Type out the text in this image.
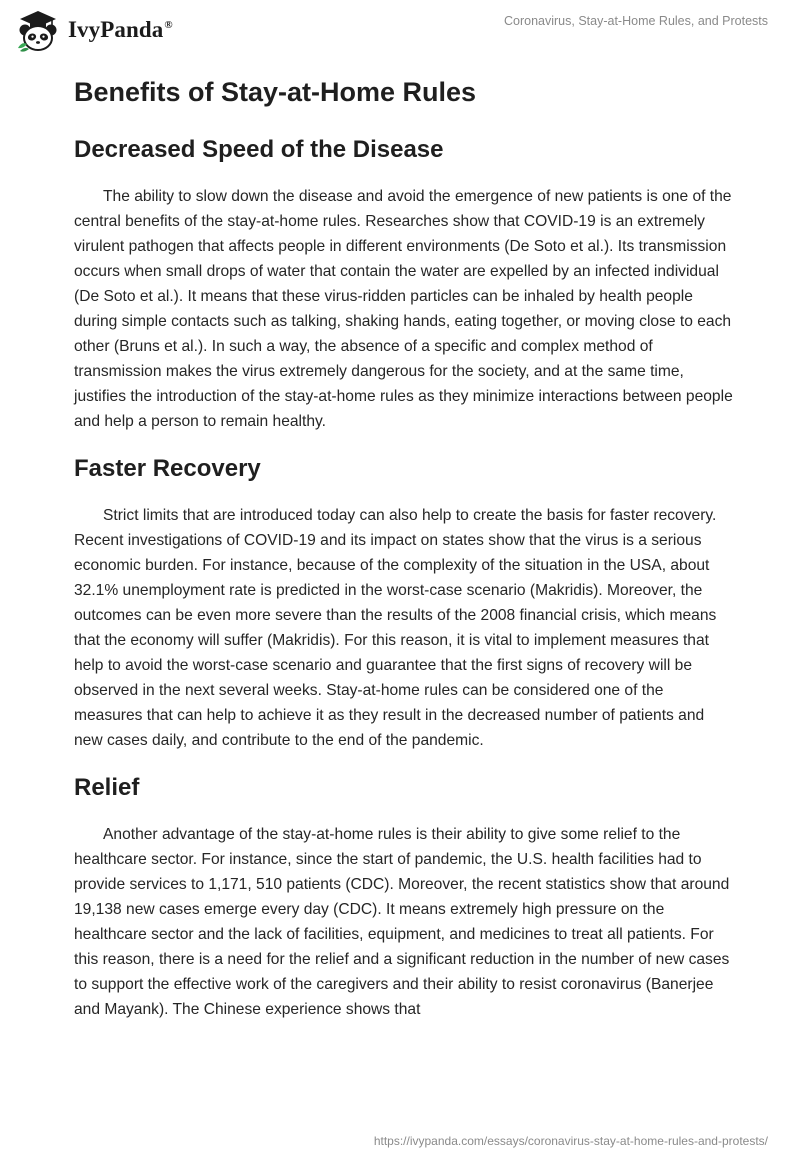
IvyPanda®	Coronavirus, Stay-at-Home Rules, and Protests
Benefits of Stay-at-Home Rules
Decreased Speed of the Disease

The ability to slow down the disease and avoid the emergence of new patients is one of the central benefits of the stay-at-home rules. Researches show that COVID-19 is an extremely virulent pathogen that affects people in different environments (De Soto et al.). Its transmission occurs when small drops of water that contain the water are expelled by an infected individual (De Soto et al.). It means that these virus-ridden particles can be inhaled by health people during simple contacts such as talking, shaking hands, eating together, or moving close to each other (Bruns et al.). In such a way, the absence of a specific and complex method of transmission makes the virus extremely dangerous for the society, and at the same time, justifies the introduction of the stay-at-home rules as they minimize interactions between people and help a person to remain healthy.

Faster Recovery

Strict limits that are introduced today can also help to create the basis for faster recovery. Recent investigations of COVID-19 and its impact on states show that the virus is a serious economic burden. For instance, because of the complexity of the situation in the USA, about 32.1% unemployment rate is predicted in the worst-case scenario (Makridis). Moreover, the outcomes can be even more severe than the results of the 2008 financial crisis, which means that the economy will suffer (Makridis). For this reason, it is vital to implement measures that help to avoid the worst-case scenario and guarantee that the first signs of recovery will be observed in the next several weeks. Stay-at-home rules can be considered one of the measures that can help to achieve it as they result in the decreased number of patients and new cases daily, and contribute to the end of the pandemic.

Relief

Another advantage of the stay-at-home rules is their ability to give some relief to the healthcare sector. For instance, since the start of pandemic, the U.S. health facilities had to provide services to 1,171, 510 patients (CDC). Moreover, the recent statistics show that around 19,138 new cases emerge every day (CDC). It means extremely high pressure on the healthcare sector and the lack of facilities, equipment, and medicines to treat all patients. For this reason, there is a need for the relief and a significant reduction in the number of new cases to support the effective work of the caregivers and their ability to resist coronavirus (Banerjee and Mayank). The Chinese experience shows that

https://ivypanda.com/essays/coronavirus-stay-at-home-rules-and-protests/
